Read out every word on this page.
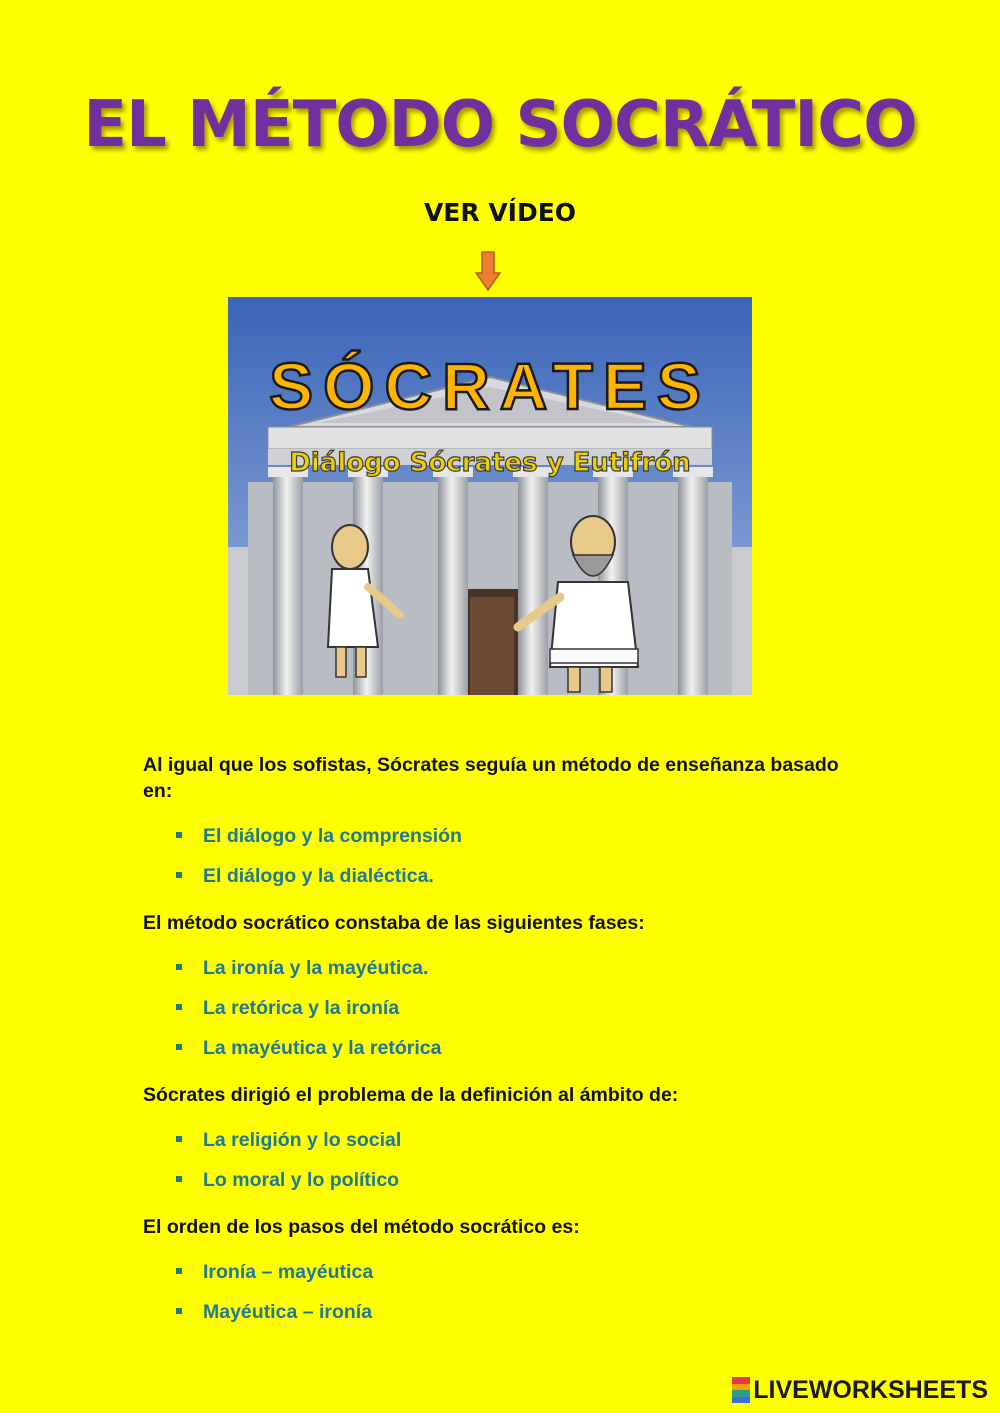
EL MÉTODO SOCRÁTICO
VER VÍDEO
SÓCRATES
Diálogo Sócrates y Eutifrón

Al igual que los sofistas, Sócrates seguía un método de enseñanza basado en:

El diálogo y la comprensión
El diálogo y la dialéctica.

El método socrático constaba de las siguientes fases:

La ironía y la mayéutica.
La retórica y la ironía
La mayéutica y la retórica

Sócrates dirigió el problema de la definición al ámbito de:

La religión y lo social
Lo moral y lo político

El orden de los pasos del método socrático es:

Ironía – mayéutica
Mayéutica – ironía
LIVEWORKSHEETS
